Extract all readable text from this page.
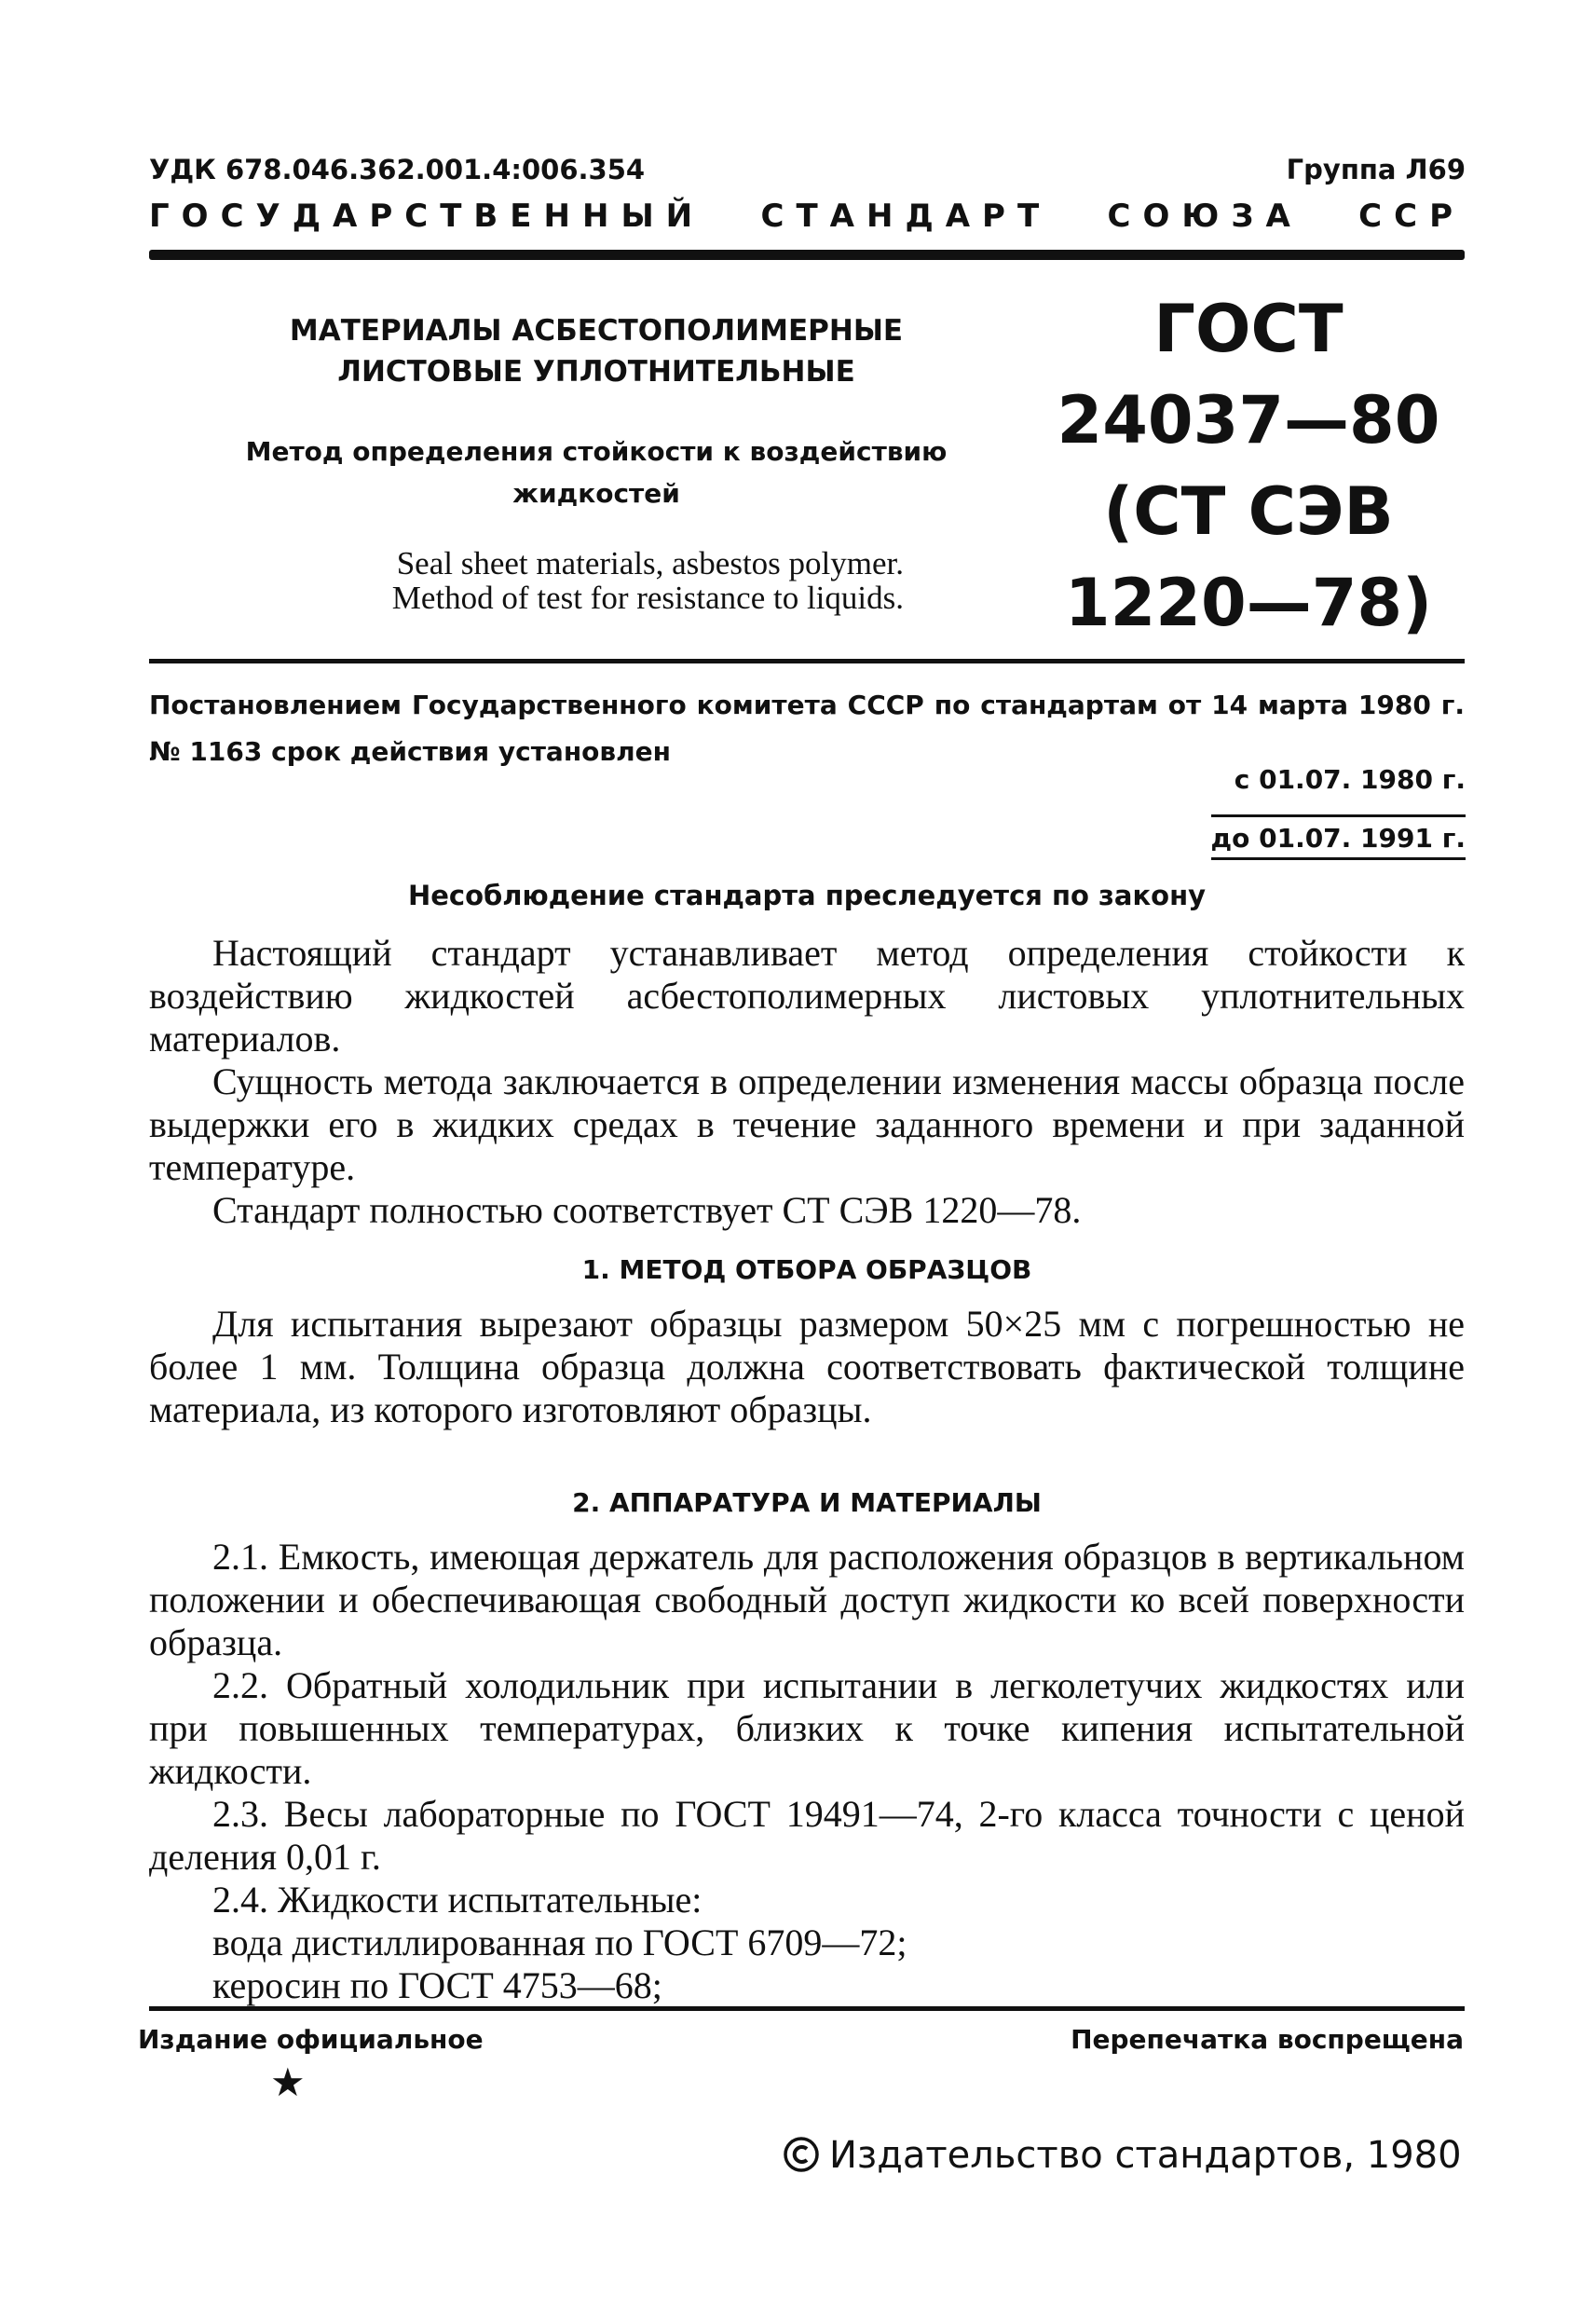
УДК 678.046.362.001.4:006.354	Группа Л69
ГОСУДАРСТВЕННЫЙ СТАНДАРТ СОЮЗА ССР
МАТЕРИАЛЫ АСБЕСТОПОЛИМЕРНЫЕ
ЛИСТОВЫЕ УПЛОТНИТЕЛЬНЫЕ
Метод определения стойкости к воздействию
жидкостей
Seal sheet materials, asbestos polymer.
Method of test for resistance to liquids.
ГОСТ
24037—80
(СТ СЭВ
1220—78)
Постановлением Государственного комитета СССР по стандартам от 14 марта 1980 г. № 1163 срок действия установлен
с 01.07. 1980 г.
до 01.07. 1991 г.
Несоблюдение стандарта преследуется по закону

Настоящий стандарт устанавливает метод определения стойкости к воздействию жидкостей асбестополимерных листовых уплотнительных материалов.

Сущность метода заключается в определении изменения массы образца после выдержки его в жидких средах в течение заданного времени и при заданной температуре.

Стандарт полностью соответствует СТ СЭВ 1220—78.

1. МЕТОД ОТБОРА ОБРАЗЦОВ

Для испытания вырезают образцы размером 50×25 мм с погрешностью не более 1 мм. Толщина образца должна соответствовать фактической толщине материала, из которого изготовляют образцы.

2. АППАРАТУРА И МАТЕРИАЛЫ

2.1. Емкость, имеющая держатель для расположения образцов в вертикальном положении и обеспечивающая свободный доступ жидкости ко всей поверхности образца.

2.2. Обратный холодильник при испытании в легколетучих жидкостях или при повышенных температурах, близких к точке кипения испытательной жидкости.

2.3. Весы лабораторные по ГОСТ 19491—74, 2-го класса точности с ценой деления 0,01 г.

2.4. Жидкости испытательные:

вода дистиллированная по ГОСТ 6709—72;

керосин по ГОСТ 4753—68;

Издание официальное	Перепечатка воспрещена
★
Издательство стандартов, 1980
